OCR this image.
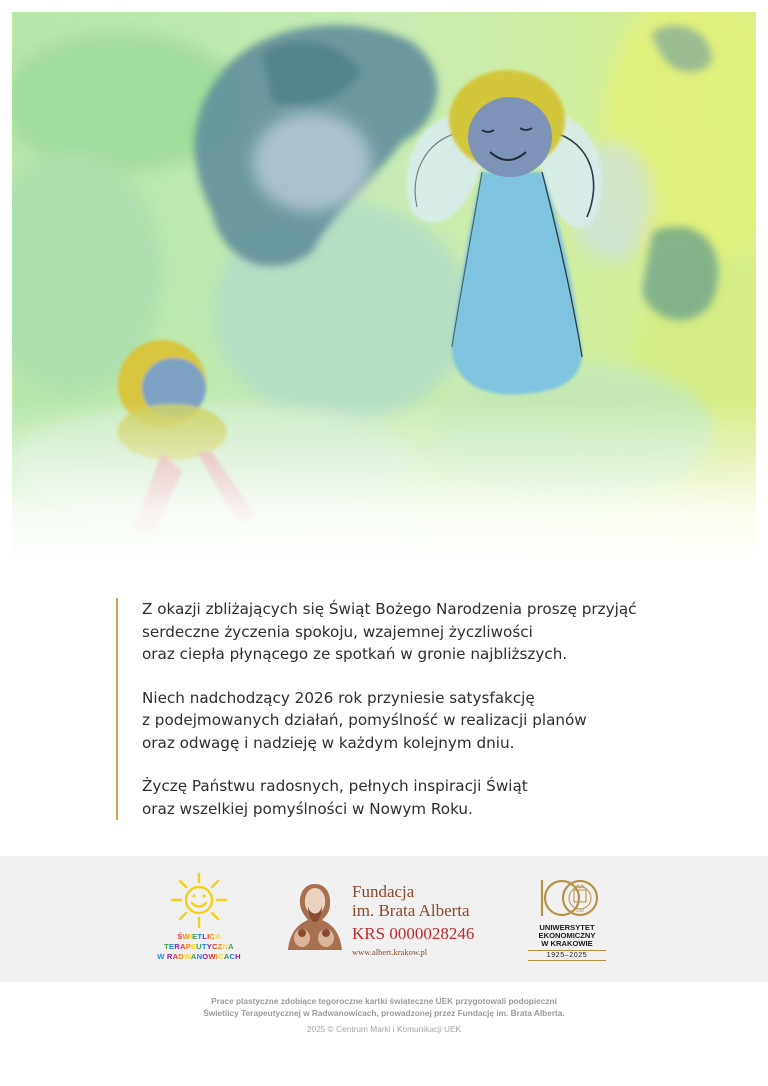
Z okazji zbliżających się Świąt Bożego Narodzenia proszę przyjąć
serdeczne życzenia spokoju, wzajemnej życzliwości
oraz ciepła płynącego ze spotkań w gronie najbliższych.

Niech nadchodzący 2026 rok przyniesie satysfakcję
z podejmowanych działań, pomyślność w realizacji planów
oraz odwagę i nadzieję w każdym kolejnym dniu.

Życzę Państwu radosnych, pełnych inspiracji Świąt
oraz wszelkiej pomyślności w Nowym Roku.

ŚWIETLICA
TERAPEUTYCZNA
W RADWANOWICACH
Fundacja
im. Brata Alberta
KRS 0000028246
www.albert.krakow.pl
Lat
UNIWERSYTET
EKONOMICZNY
W KRAKOWIE
1925–2025
Prace plastyczne zdobiące tegoroczne kartki świąteczne UEK przygotowali podopieczni
Świetlicy Terapeutycznej w Radwanowicach, prowadzonej przez Fundację im. Brata Alberta.
2025 © Centrum Marki i Komunikacji UEK
